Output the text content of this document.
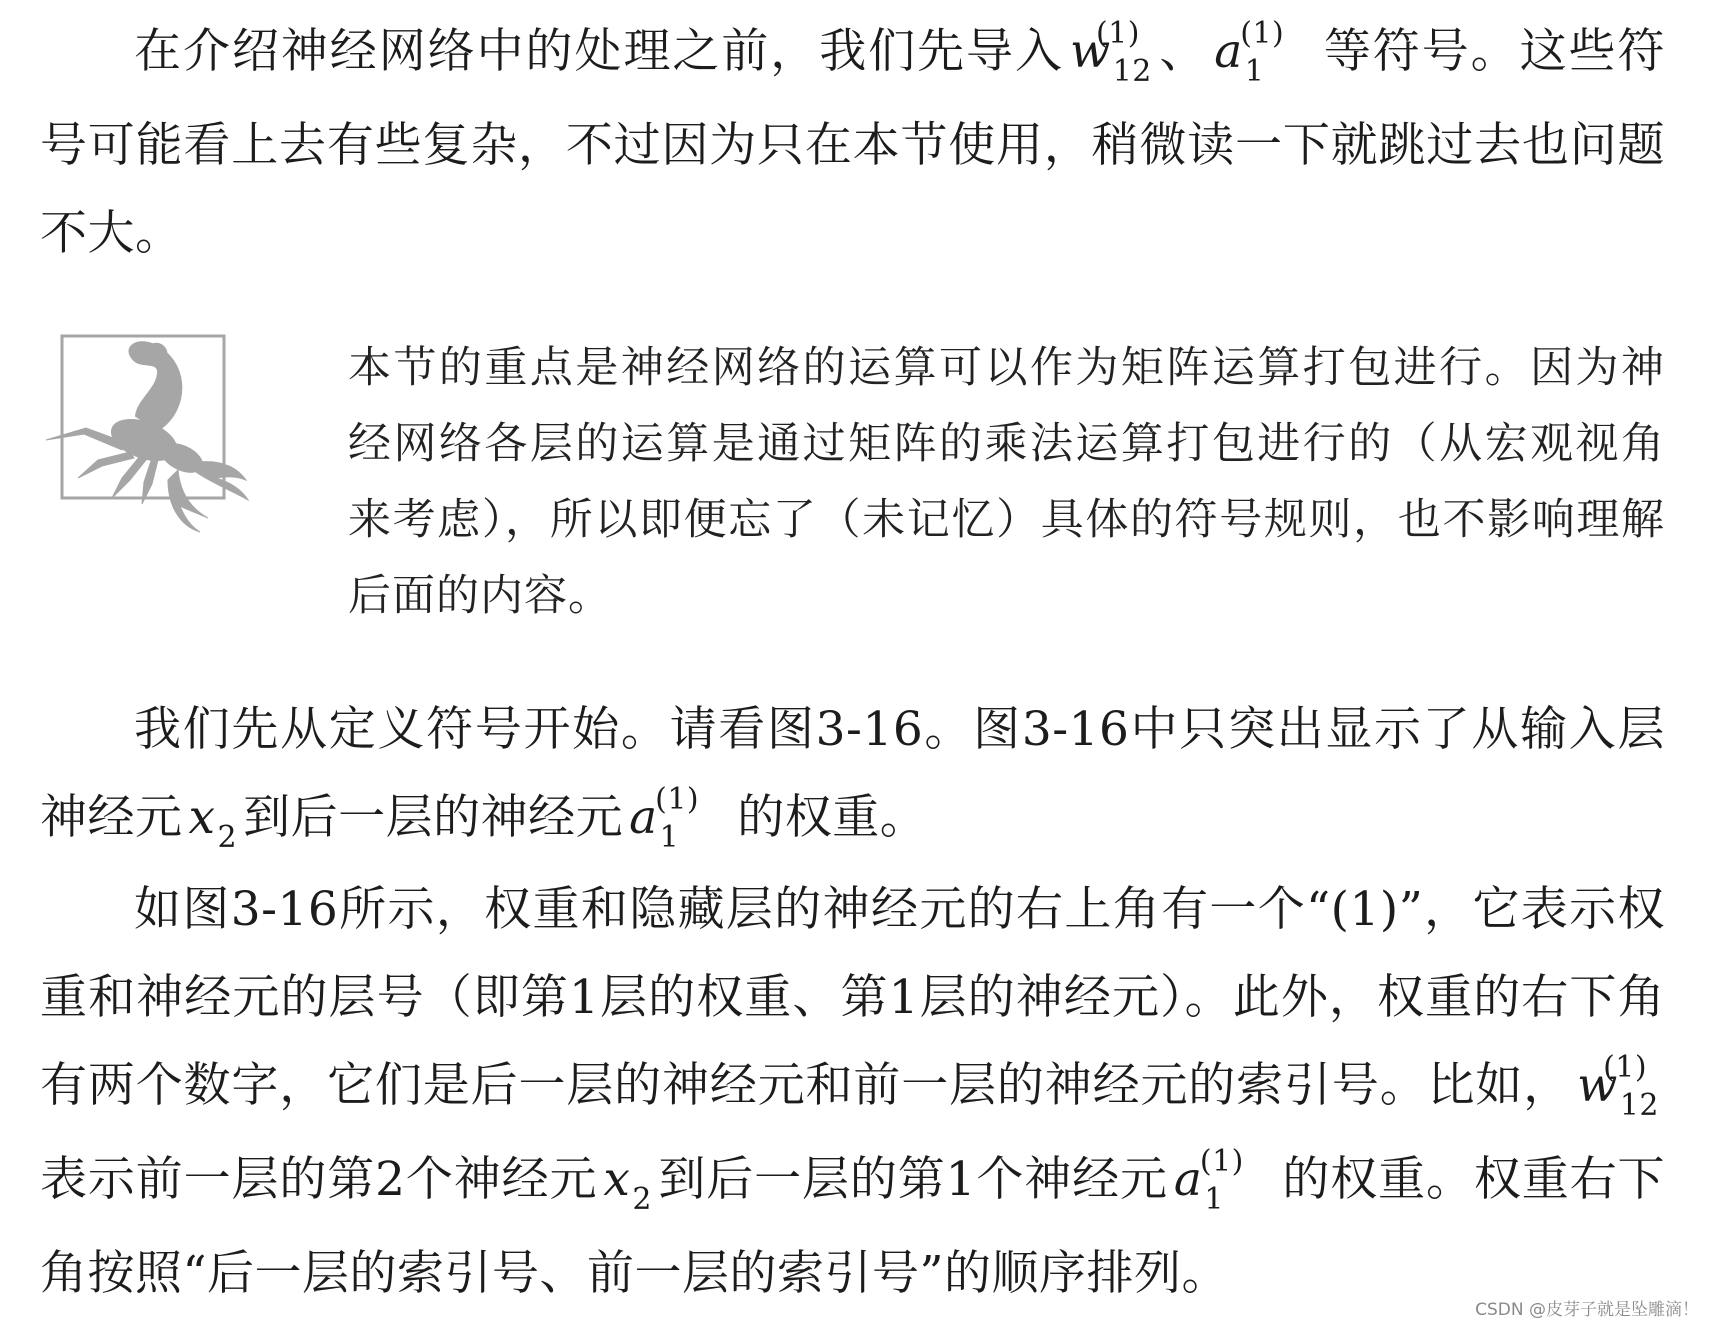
在介绍神经网络中的处理之前，我们先导入 w
(1)
$_{12}$ 、 a
(1)
$_1$ 等符号。这些符号可能看上去有些复杂，不过因为只在本节使用，稍微读一下就跳过去也问题不大。

本节的重点是神经网络的运算可以作为矩阵运算打包进行。因为神经网络各层的运算是通过矩阵的乘法运算打包进行的（从宏观视角来考虑），所以即便忘了（未记忆）具体的符号规则，也不影响理解后面的内容。

我们先从定义符号开始。请看图3-16。图3-16中只突出显示了从输入层神经元 $x_2$ 到后一层的神经元 a
(1)
$_1$ 的权重。

如图3-16所示，权重和隐藏层的神经元的右上角有一个“(1)”，它表示权重和神经元的层号（即第1层的权重、第1层的神经元）。此外，权重的右下角有两个数字，它们是后一层的神经元和前一层的神经元的索引号。比如， w
(1)
$_{12}$表示前一层的第2个神经元 $x_2$ 到后一层的第1个神经元 a
(1)
$_1$ 的权重。权重右下角按照“后一层的索引号、前一层的索引号”的顺序排列。

CSDN @皮芽子就是坠雕滴！
